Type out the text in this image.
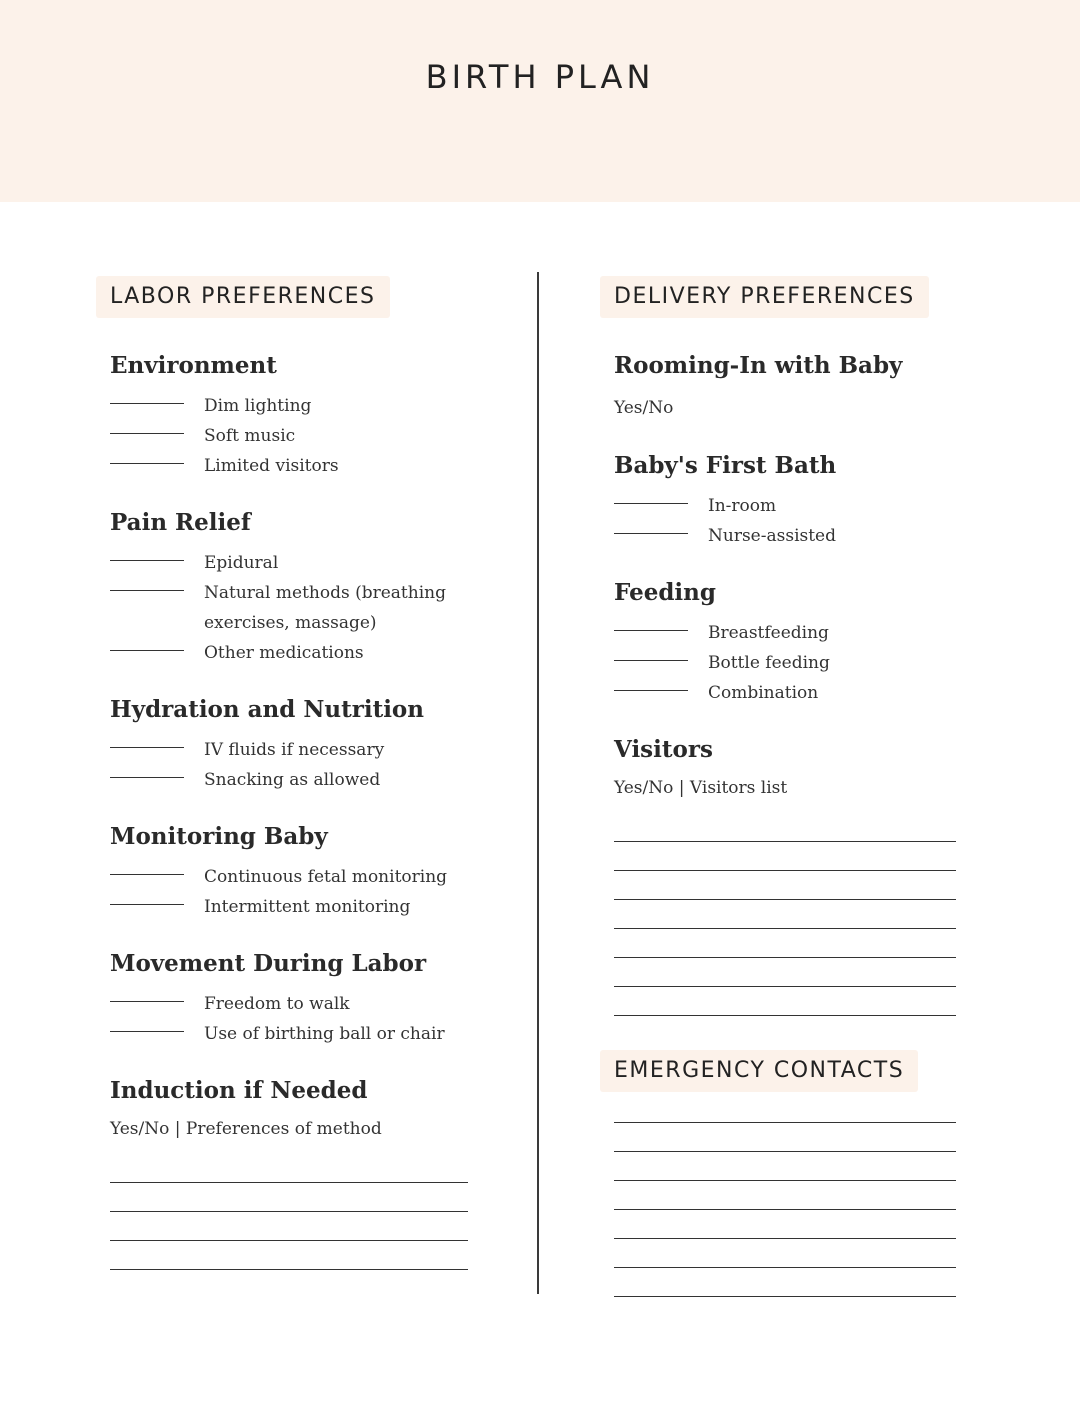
BIRTH PLAN
LABOR PREFERENCES
Environment
Dim lighting
Soft music
Limited visitors
Pain Relief
Epidural
Natural methods (breathing exercises, massage)
Other medications
Hydration and Nutrition
IV fluids if necessary
Snacking as allowed
Monitoring Baby
Continuous fetal monitoring
Intermittent monitoring
Movement During Labor
Freedom to walk
Use of birthing ball or chair
Induction if Needed
Yes/No | Preferences of method
DELIVERY PREFERENCES
Rooming-In with Baby
Yes/No
Baby's First Bath
In-room
Nurse-assisted
Feeding
Breastfeeding
Bottle feeding
Combination
Visitors
Yes/No | Visitors list
EMERGENCY CONTACTS
